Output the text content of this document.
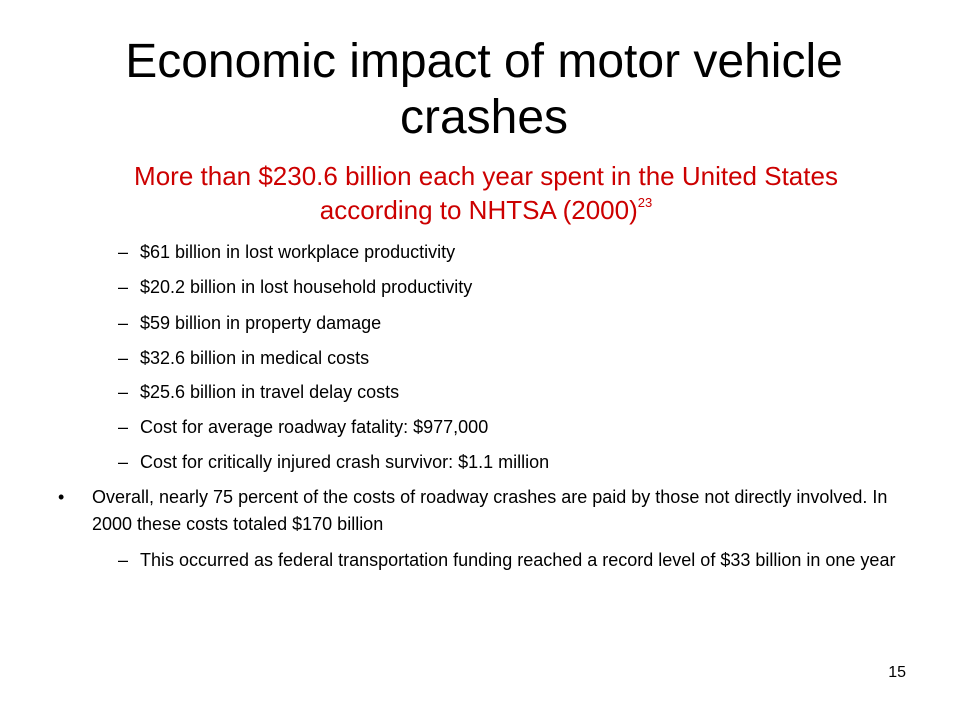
Economic impact of motor vehicle crashes
More than $230.6 billion each year spent in the United States according to NHTSA $(2000)^{23}$
– $61 billion in lost workplace productivity
– $20.2 billion in lost household productivity
– $59 billion in property damage
– $32.6 billion in medical costs
– $25.6 billion in travel delay costs
– Cost for average roadway fatality: $977,000
– Cost for critically injured crash survivor: $1.1 million
• Overall, nearly 75 percent of the costs of roadway crashes are paid by those not directly involved. In 2000 these costs totaled $170 billion
– This occurred as federal transportation funding reached a record level of $33 billion in one year
15
